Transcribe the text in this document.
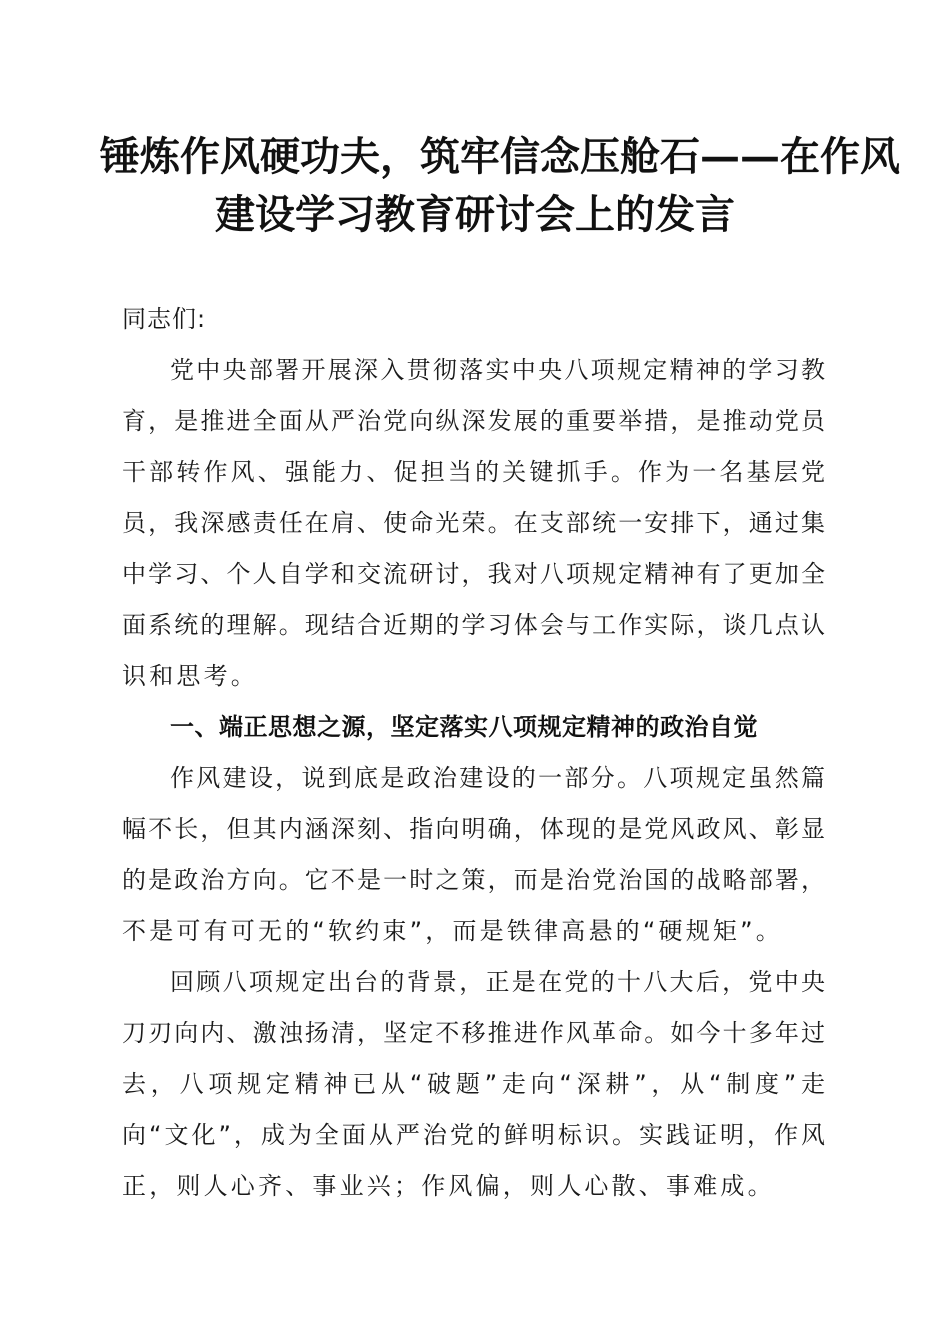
锤炼作风硬功夫，筑牢信念压舱石——在作风
建设学习教育研讨会上的发言
同志们:
党中央部署开展深入贯彻落实中央八项规定精神的学习教
育，是推进全面从严治党向纵深发展的重要举措，是推动党员
干部转作风、强能力、促担当的关键抓手。作为一名基层党
员，我深感责任在肩、使命光荣。在支部统一安排下，通过集
中学习、个人自学和交流研讨，我对八项规定精神有了更加全
面系统的理解。现结合近期的学习体会与工作实际，谈几点认
识和思考。
一、端正思想之源，坚定落实八项规定精神的政治自觉
作风建设，说到底是政治建设的一部分。八项规定虽然篇
幅不长，但其内涵深刻、指向明确，体现的是党风政风、彰显
的是政治方向。它不是一时之策，而是治党治国的战略部署，
不是可有可无的“软约束”，而是铁律高悬的“硬规矩”。
回顾八项规定出台的背景，正是在党的十八大后，党中央
刀刃向内、激浊扬清，坚定不移推进作风革命。如今十多年过
去，八项规定精神已从“破题”走向“深耕”，从“制度”走
向“文化”，成为全面从严治党的鲜明标识。实践证明，作风
正，则人心齐、事业兴；作风偏，则人心散、事难成。
